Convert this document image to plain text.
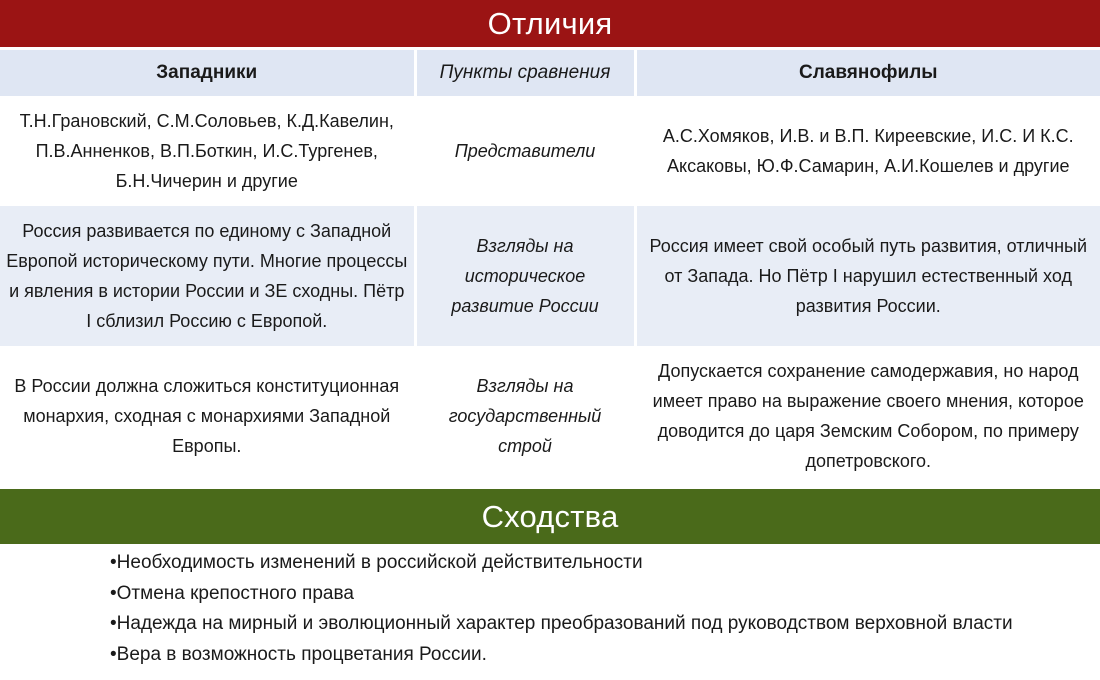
Отличия
Западники	Пункты сравнения	Славянофилы
Т.Н.Грановский, С.М.Соловьев, К.Д.Кавелин, П.В.Анненков, В.П.Боткин, И.С.Тургенев, Б.Н.Чичерин и другие	Представители	А.С.Хомяков, И.В. и В.П. Киреевские, И.С. И К.С. Аксаковы, Ю.Ф.Самарин, А.И.Кошелев и другие
Россия развивается по единому с Западной Европой историческому пути. Многие процессы и явления в истории России и ЗЕ сходны. Пётр I сблизил Россию с Европой.	Взгляды на историческое развитие России	Россия имеет свой особый путь развития, отличный от Запада. Но Пётр I нарушил естественный ход развития России.
В России должна сложиться конституционная монархия, сходная с монархиями Западной Европы.	Взгляды на государственный строй	Допускается сохранение самодержавия, но народ имеет право на выражение своего мнения, которое доводится до царя Земским Собором, по примеру допетровского.
Сходства
• Необходимость изменений в российской действительности
• Отмена крепостного права
• Надежда на мирный и эволюционный характер преобразований под руководством верховной власти
• Вера в возможность процветания России.
